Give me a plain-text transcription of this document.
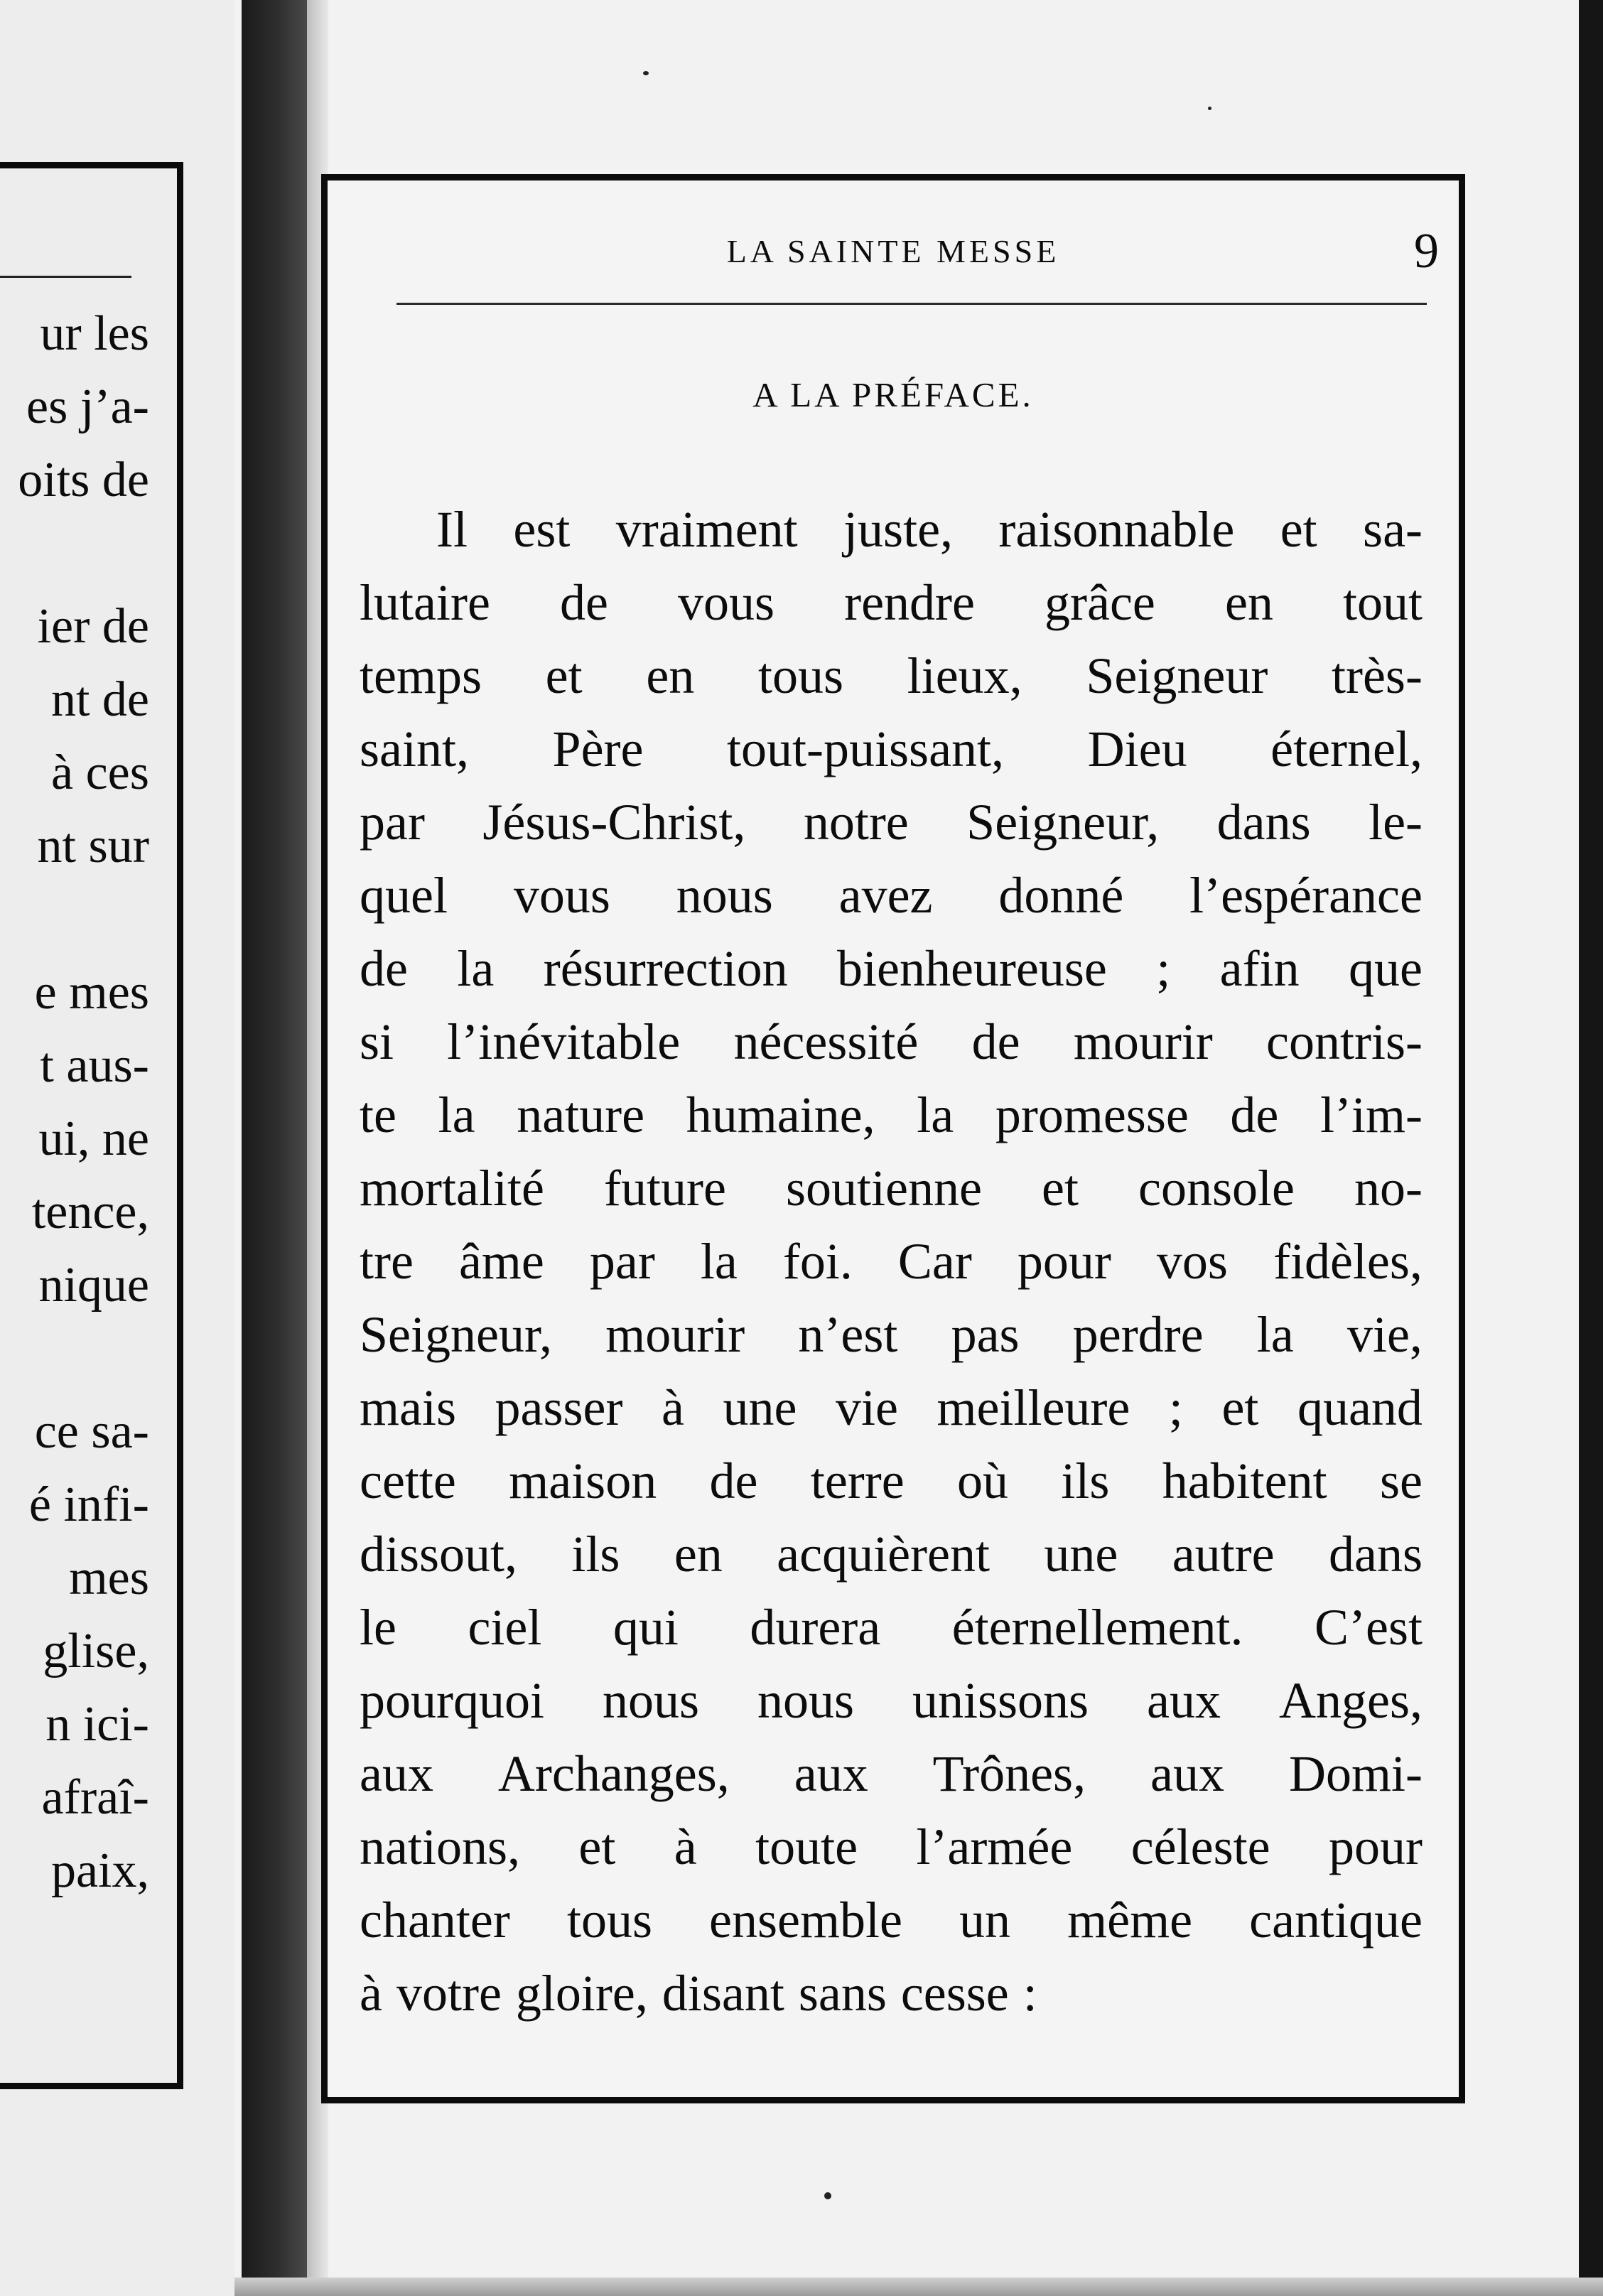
ur les
es j’a-
oits de
ier de
nt de
à ces
nt sur
e mes
t aus-
ui, ne
tence,
nique
ce sa-
é infi-
mes
glise,
n ici-
afraî-
paix,
LA SAINTE MESSE	9
A LA PRÉFACE.
Il est vraiment juste, raisonnable et sa-
lutaire de vous rendre grâce en tout
temps et en tous lieux, Seigneur très-
saint, Père tout-puissant, Dieu éternel,
par Jésus-Christ, notre Seigneur, dans le-
quel vous nous avez donné l’espérance
de la résurrection bienheureuse ; afin que
si l’inévitable nécessité de mourir contris-
te la nature humaine, la promesse de l’im-
mortalité future soutienne et console no-
tre âme par la foi. Car pour vos fidèles,
Seigneur, mourir n’est pas perdre la vie,
mais passer à une vie meilleure ; et quand
cette maison de terre où ils habitent se
dissout, ils en acquièrent une autre dans
le ciel qui durera éternellement. C’est
pourquoi nous nous unissons aux Anges,
aux Archanges, aux Trônes, aux Domi-
nations, et à toute l’armée céleste pour
chanter tous ensemble un même cantique
à votre gloire, disant sans cesse :
